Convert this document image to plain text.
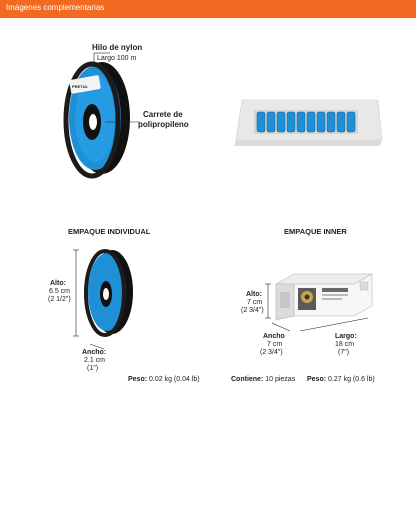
Imágenes complementarias
PRETUL
Hilo de nylon
Largo 100 m
Carrete de
polipropileno
EMPAQUE INDIVIDUAL
Alto:
6.5 cm
(2 1/2")
Ancho:
2.1 cm
(1")
Peso: 0.02 kg (0.04 lb)
EMPAQUE INNER
Alto:
7 cm
(2 3/4")
Ancho
7 cm
(2 3/4")
Largo:
18 cm
(7")
Contiene: 10 piezas Peso: 0.27 kg (0.6 lb)
